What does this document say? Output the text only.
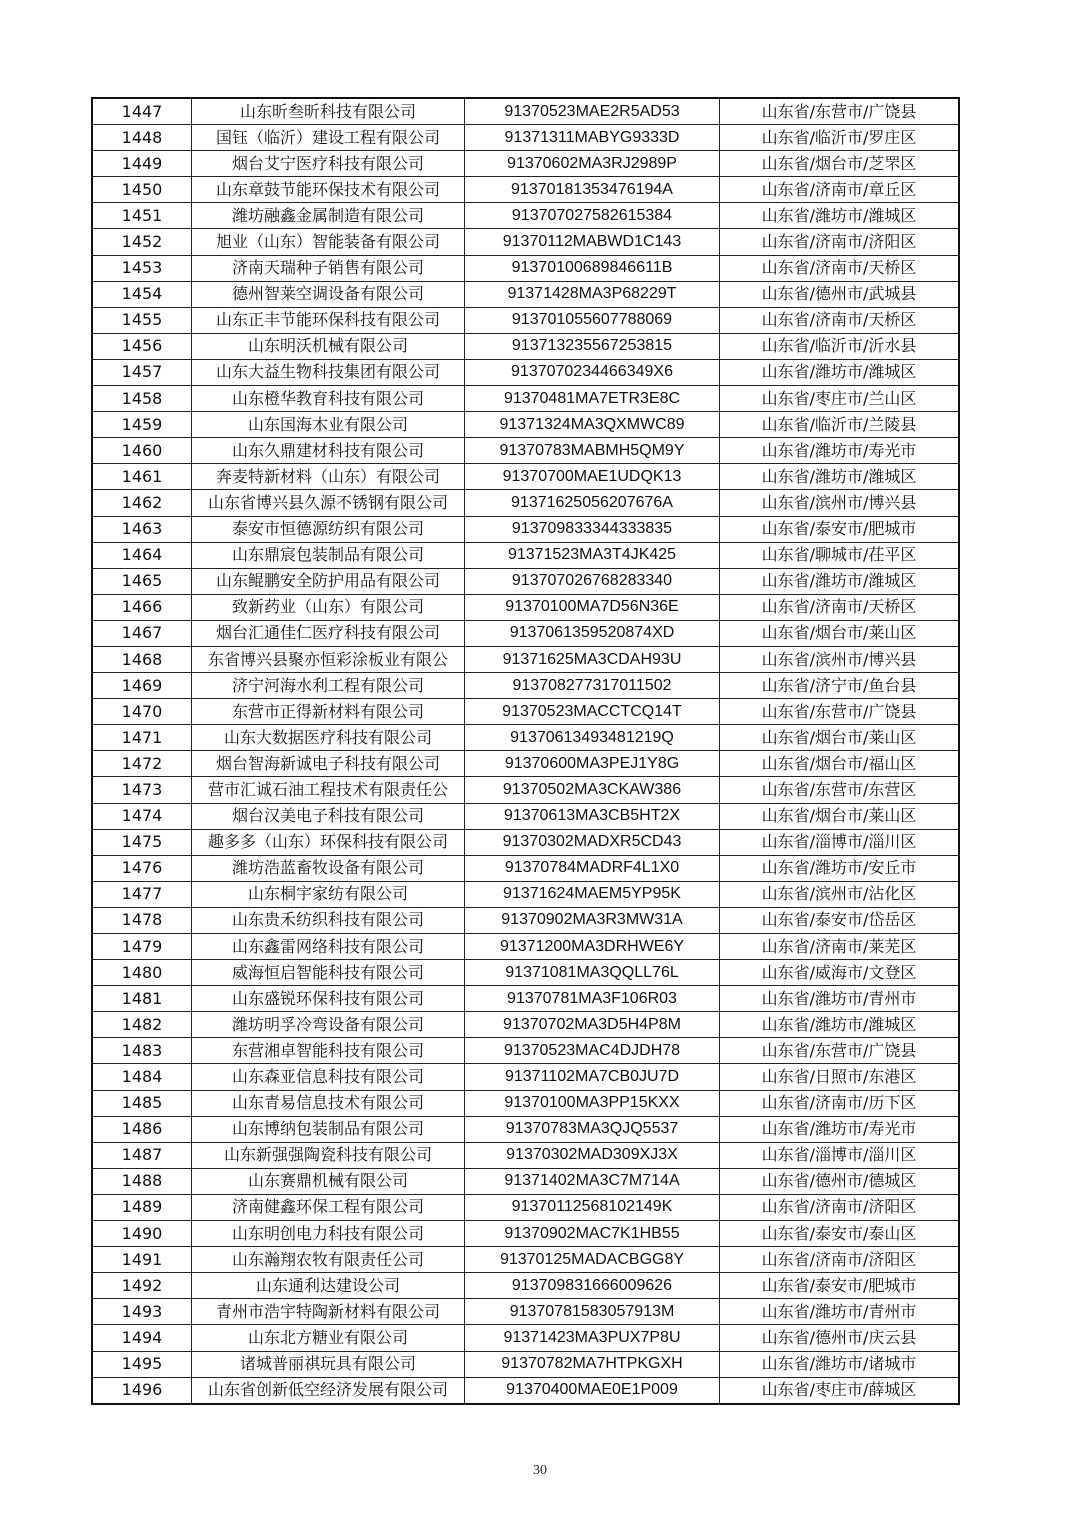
1447	山东昕叁昕科技有限公司	91370523MAE2R5AD53	山东省/东营市/广饶县
1448	国钰（临沂）建设工程有限公司	91371311MABYG9333D	山东省/临沂市/罗庄区
1449	烟台艾宁医疗科技有限公司	91370602MA3RJ2989P	山东省/烟台市/芝罘区
1450	山东章鼓节能环保技术有限公司	91370181353476194A	山东省/济南市/章丘区
1451	潍坊融鑫金属制造有限公司	913707027582615384	山东省/潍坊市/潍城区
1452	旭业（山东）智能装备有限公司	91370112MABWD1C143	山东省/济南市/济阳区
1453	济南天瑞种子销售有限公司	91370100689846611B	山东省/济南市/天桥区
1454	德州智莱空调设备有限公司	91371428MA3P68229T	山东省/德州市/武城县
1455	山东正丰节能环保科技有限公司	913701055607788069	山东省/济南市/天桥区
1456	山东明沃机械有限公司	913713235567253815	山东省/临沂市/沂水县
1457	山东大益生物科技集团有限公司	9137070234466349X6	山东省/潍坊市/潍城区
1458	山东橙华教育科技有限公司	91370481MA7ETR3E8C	山东省/枣庄市/兰山区
1459	山东国海木业有限公司	91371324MA3QXMWC89	山东省/临沂市/兰陵县
1460	山东久鼎建材科技有限公司	91370783MABMH5QM9Y	山东省/潍坊市/寿光市
1461	奔麦特新材料（山东）有限公司	91370700MAE1UDQK13	山东省/潍坊市/潍城区
1462	山东省博兴县久源不锈钢有限公司	91371625056207676A	山东省/滨州市/博兴县
1463	泰安市恒德源纺织有限公司	913709833344333835	山东省/泰安市/肥城市
1464	山东鼎宸包装制品有限公司	91371523MA3T4JK425	山东省/聊城市/茌平区
1465	山东鲲鹏安全防护用品有限公司	913707026768283340	山东省/潍坊市/潍城区
1466	致新药业（山东）有限公司	91370100MA7D56N36E	山东省/济南市/天桥区
1467	烟台汇通佳仁医疗科技有限公司	9137061359520874XD	山东省/烟台市/莱山区
1468	东省博兴县聚亦恒彩涂板业有限公	91371625MA3CDAH93U	山东省/滨州市/博兴县
1469	济宁河海水利工程有限公司	913708277317011502	山东省/济宁市/鱼台县
1470	东营市正得新材料有限公司	91370523MACCTCQ14T	山东省/东营市/广饶县
1471	山东大数据医疗科技有限公司	91370613493481219Q	山东省/烟台市/莱山区
1472	烟台智海新诚电子科技有限公司	91370600MA3PEJ1Y8G	山东省/烟台市/福山区
1473	营市汇诚石油工程技术有限责任公	91370502MA3CKAW386	山东省/东营市/东营区
1474	烟台汉美电子科技有限公司	91370613MA3CB5HT2X	山东省/烟台市/莱山区
1475	趣多多（山东）环保科技有限公司	91370302MADXR5CD43	山东省/淄博市/淄川区
1476	潍坊浩蓝畜牧设备有限公司	91370784MADRF4L1X0	山东省/潍坊市/安丘市
1477	山东桐宇家纺有限公司	91371624MAEM5YP95K	山东省/滨州市/沾化区
1478	山东贵禾纺织科技有限公司	91370902MA3R3MW31A	山东省/泰安市/岱岳区
1479	山东鑫雷网络科技有限公司	91371200MA3DRHWE6Y	山东省/济南市/莱芜区
1480	威海恒启智能科技有限公司	91371081MA3QQLL76L	山东省/威海市/文登区
1481	山东盛锐环保科技有限公司	91370781MA3F106R03	山东省/潍坊市/青州市
1482	潍坊明孚冷弯设备有限公司	91370702MA3D5H4P8M	山东省/潍坊市/潍城区
1483	东营湘卓智能科技有限公司	91370523MAC4DJDH78	山东省/东营市/广饶县
1484	山东森亚信息科技有限公司	91371102MA7CB0JU7D	山东省/日照市/东港区
1485	山东青易信息技术有限公司	91370100MA3PP15KXX	山东省/济南市/历下区
1486	山东博纳包装制品有限公司	91370783MA3QJQ5537	山东省/潍坊市/寿光市
1487	山东新强强陶瓷科技有限公司	91370302MAD309XJ3X	山东省/淄博市/淄川区
1488	山东赛鼎机械有限公司	91371402MA3C7M714A	山东省/德州市/德城区
1489	济南健鑫环保工程有限公司	91370112568102149K	山东省/济南市/济阳区
1490	山东明创电力科技有限公司	91370902MAC7K1HB55	山东省/泰安市/泰山区
1491	山东瀚翔农牧有限责任公司	91370125MADACBGG8Y	山东省/济南市/济阳区
1492	山东通利达建设公司	913709831666009626	山东省/泰安市/肥城市
1493	青州市浩宇特陶新材料有限公司	91370781583057913M	山东省/潍坊市/青州市
1494	山东北方糖业有限公司	91371423MA3PUX7P8U	山东省/德州市/庆云县
1495	诸城普丽祺玩具有限公司	91370782MA7HTPKGXH	山东省/潍坊市/诸城市
1496	山东省创新低空经济发展有限公司	91370400MAE0E1P009	山东省/枣庄市/薛城区
30
